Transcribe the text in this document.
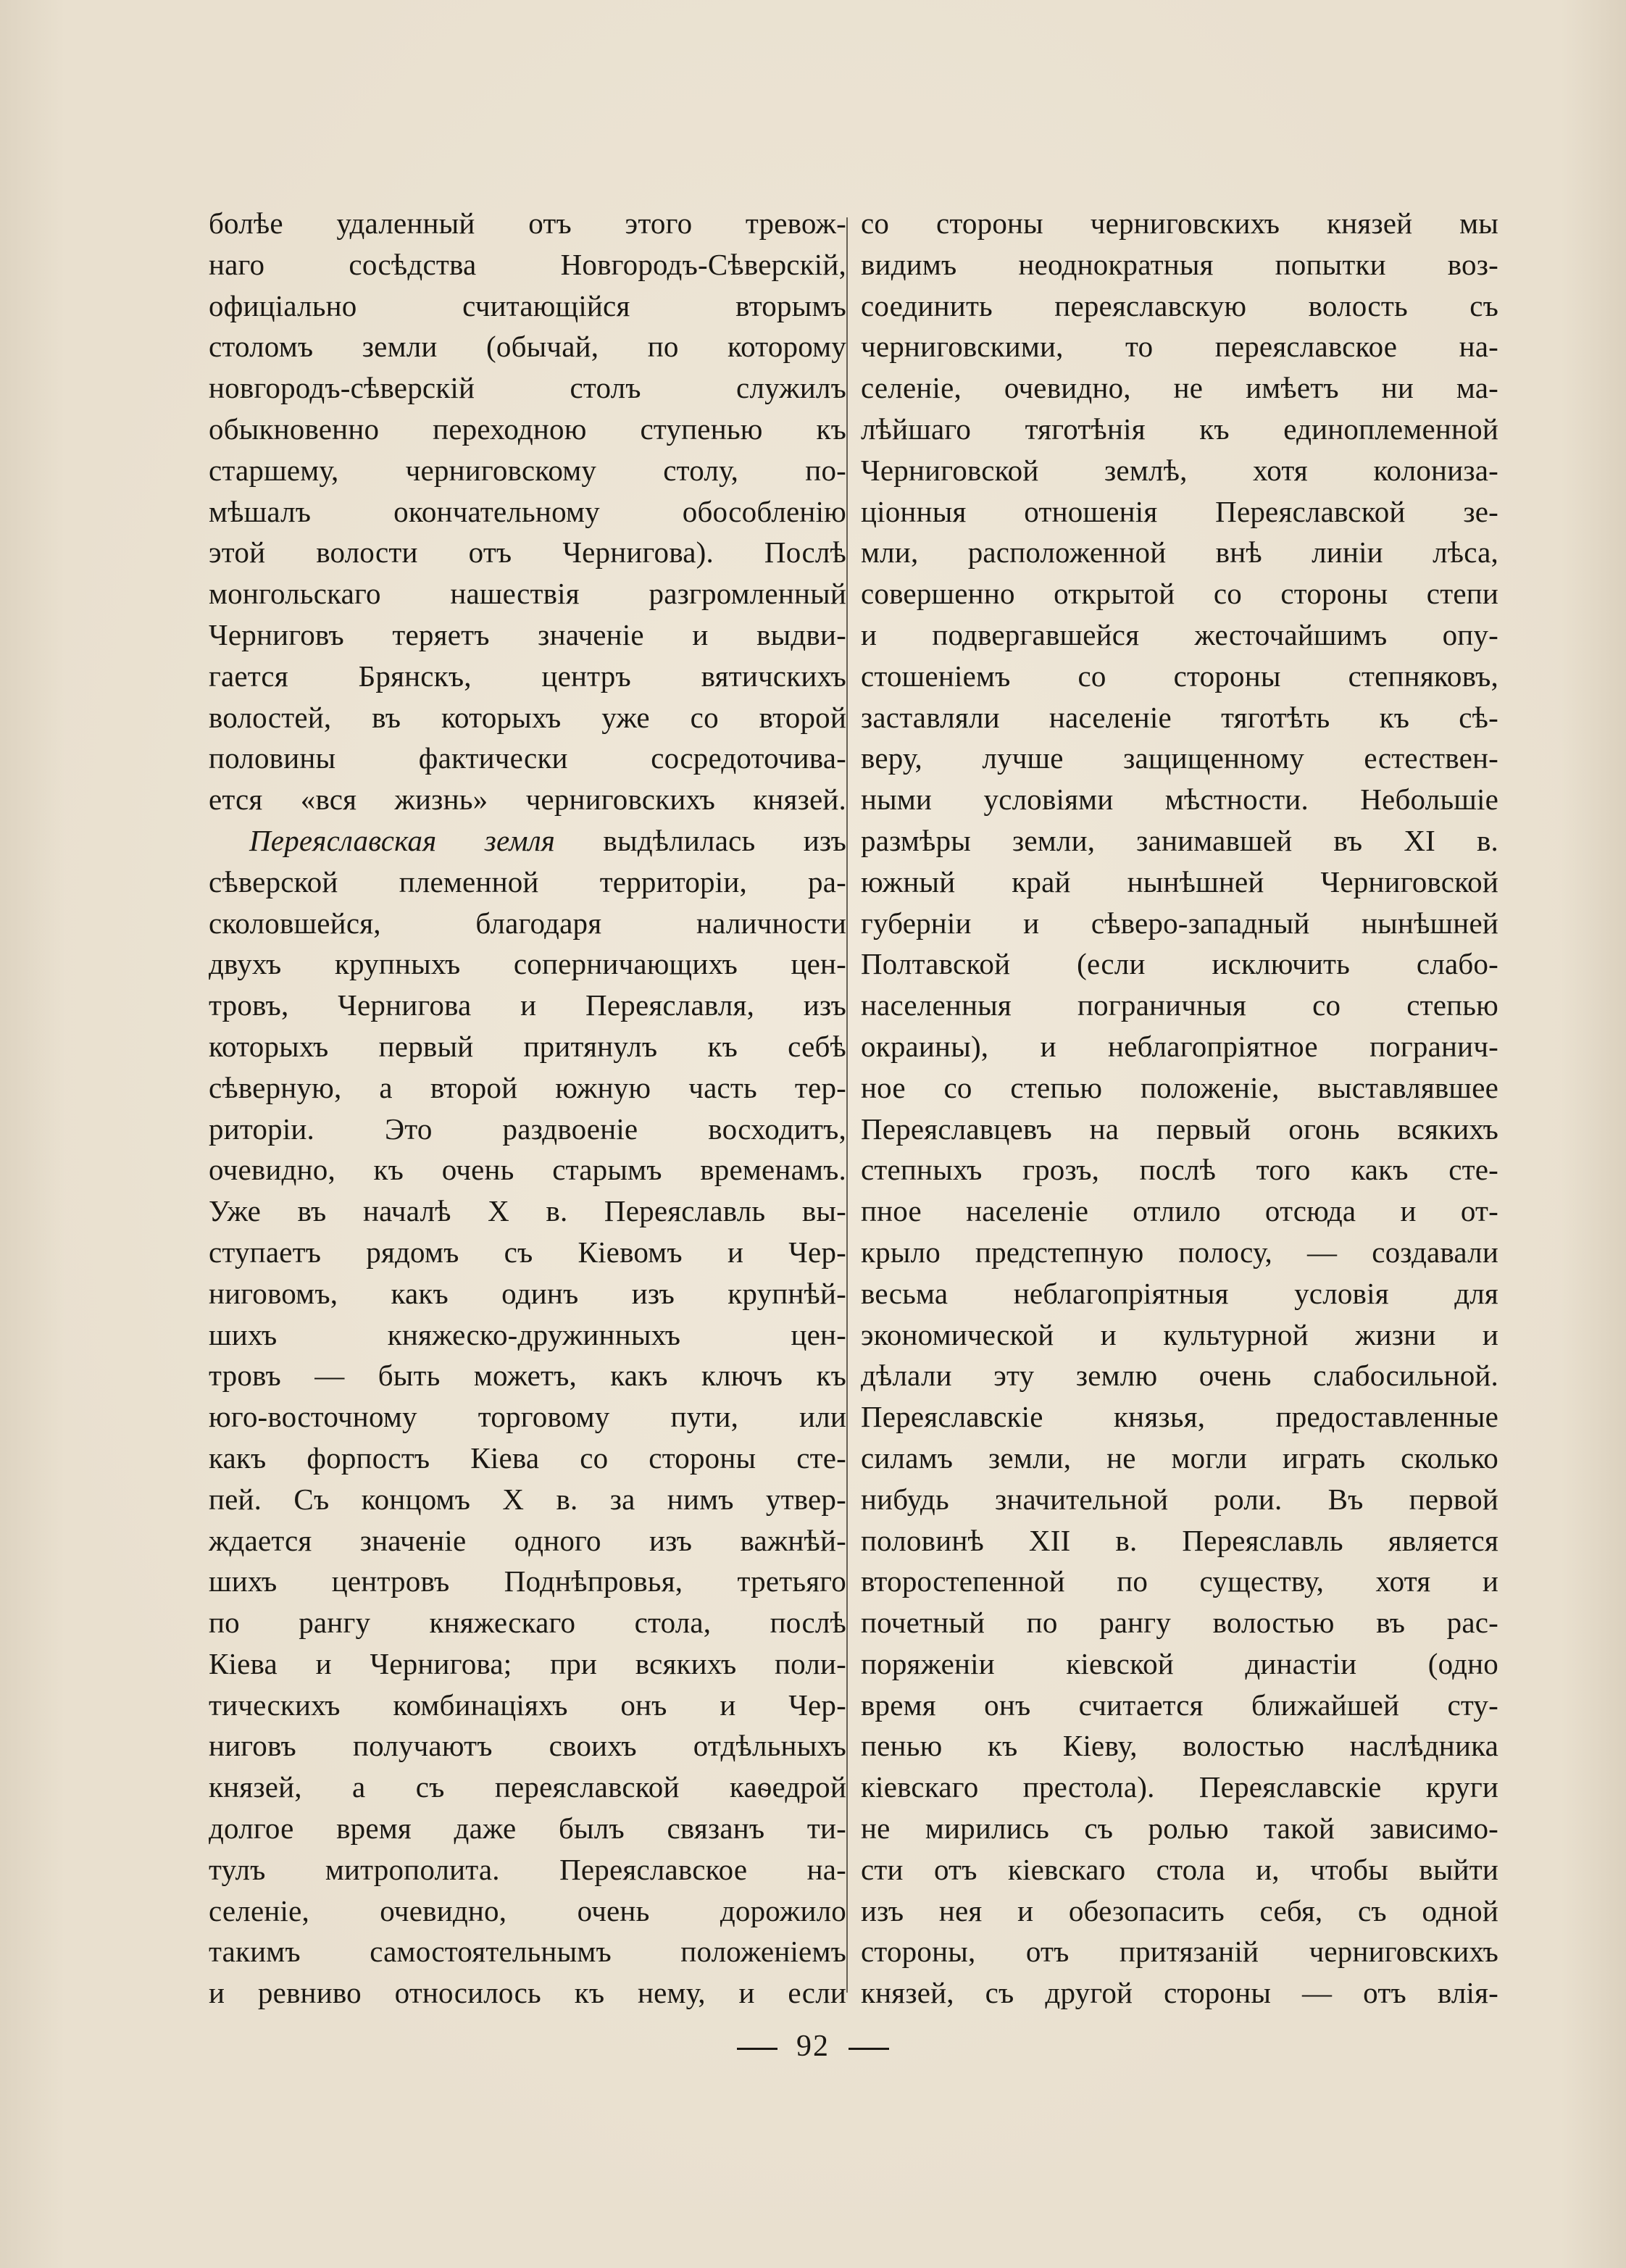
болѣе удаленный отъ этого тревож-
наго сосѣдства Новгородъ-Сѣверскій,
офиціально считающійся вторымъ
столомъ земли (обычай, по которому
новгородъ-сѣверскій столъ служилъ
обыкновенно переходною ступенью къ
старшему, черниговскому столу, по-
мѣшалъ окончательному обособленію
этой волости отъ Чернигова). Послѣ
монгольскаго нашествія разгромленный
Черниговъ теряетъ значеніе и выдви-
гается Брянскъ, центръ вятичскихъ
волостей, въ которыхъ уже со второй
половины фактически сосредоточива-
ется «вся жизнь» черниговскихъ князей.
Переяславская земля выдѣлилась изъ
сѣверской племенной территоріи, ра-
сколовшейся, благодаря наличности
двухъ крупныхъ соперничающихъ цен-
тровъ, Чернигова и Переяславля, изъ
которыхъ первый притянулъ къ себѣ
сѣверную, а второй южную часть тер-
риторіи. Это раздвоеніе восходитъ,
очевидно, къ очень старымъ временамъ.
Уже въ началѣ X в. Переяславль вы-
ступаетъ рядомъ съ Кіевомъ и Чер-
ниговомъ, какъ одинъ изъ крупнѣй-
шихъ княжеско-дружинныхъ цен-
тровъ — быть можетъ, какъ ключъ къ
юго-восточному торговому пути, или
какъ форпостъ Кіева со стороны сте-
пей. Съ концомъ X в. за нимъ утвер-
ждается значеніе одного изъ важнѣй-
шихъ центровъ Поднѣпровья, третьяго
по рангу княжескаго стола, послѣ
Кіева и Чернигова; при всякихъ поли-
тическихъ комбинаціяхъ онъ и Чер-
ниговъ получаютъ своихъ отдѣльныхъ
князей, а съ переяславской каѳедрой
долгое время даже былъ связанъ ти-
тулъ митрополита. Переяславское на-
селеніе, очевидно, очень дорожило
такимъ самостоятельнымъ положеніемъ
и ревниво относилось къ нему, и если
со стороны черниговскихъ князей мы
видимъ неоднократныя попытки воз-
соединить переяславскую волость съ
черниговскими, то переяславское на-
селеніе, очевидно, не имѣетъ ни ма-
лѣйшаго тяготѣнія къ единоплеменной
Черниговской землѣ, хотя колониза-
ціонныя отношенія Переяславской зе-
мли, расположенной внѣ линіи лѣса,
совершенно открытой со стороны степи
и подвергавшейся жесточайшимъ опу-
стошеніемъ со стороны степняковъ,
заставляли населеніе тяготѣть къ сѣ-
веру, лучше защищенному естествен-
ными условіями мѣстности. Небольшіе
размѣры земли, занимавшей въ XI в.
южный край нынѣшней Черниговской
губерніи и сѣверо-западный нынѣшней
Полтавской (если исключить слабо-
населенныя пограничныя со степью
окраины), и неблагопріятное погранич-
ное со степью положеніе, выставлявшее
Переяславцевъ на первый огонь всякихъ
степныхъ грозъ, послѣ того какъ сте-
пное населеніе отлило отсюда и от-
крыло предстепную полосу, — создавали
весьма неблагопріятныя условія для
экономической и культурной жизни и
дѣлали эту землю очень слабосильной.
Переяславскіе князья, предоставленные
силамъ земли, не могли играть сколько
нибудь значительной роли. Въ первой
половинѣ XII в. Переяславль является
второстепенной по существу, хотя и
почетный по рангу волостью въ рас-
поряженіи кіевской династіи (одно
время онъ считается ближайшей сту-
пенью къ Кіеву, волостью наслѣдника
кіевскаго престола). Переяславскіе круги
не мирились съ ролью такой зависимо-
сти отъ кіевскаго стола и, чтобы выйти
изъ нея и обезопасить себя, съ одной
стороны, отъ притязаній черниговскихъ
князей, съ другой стороны — отъ влія-
92
